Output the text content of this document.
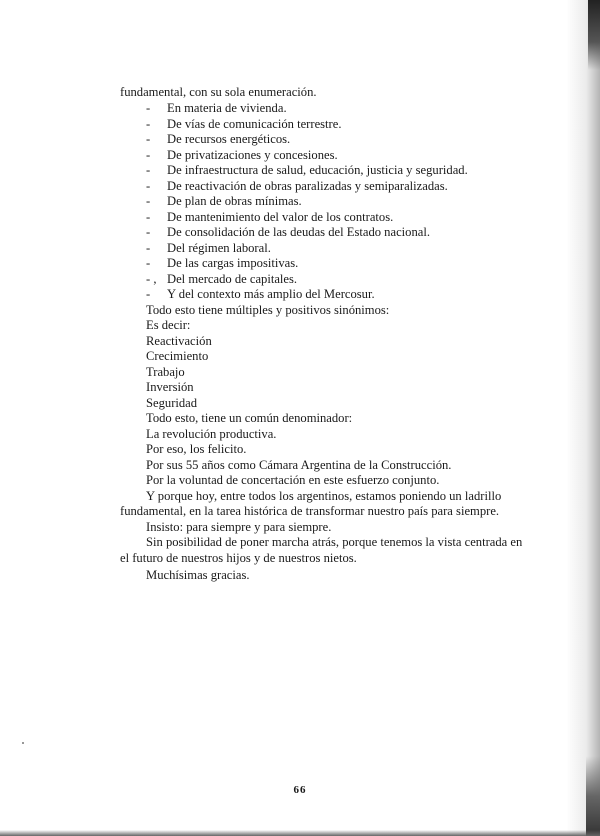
fundamental, con su sola enumeración.
-	En materia de vivienda.
-	De vías de comunicación terrestre.
-	De recursos energéticos.
-	De privatizaciones y concesiones.
-	De infraestructura de salud, educación, justicia y seguridad.
-	De reactivación de obras paralizadas y semiparalizadas.
-	De plan de obras mínimas.
-	De mantenimiento del valor de los contratos.
-	De consolidación de las deudas del Estado nacional.
-	Del régimen laboral.
-	De las cargas impositivas.
- , Del mercado de capitales.
-	Y del contexto más amplio del Mercosur.
Todo esto tiene múltiples y positivos sinónimos:
Es decir:
Reactivación
Crecimiento
Trabajo
Inversión
Seguridad
Todo esto, tiene un común denominador:
La revolución productiva.
Por eso, los felicito.
Por sus 55 años como Cámara Argentina de la Construcción.
Por la voluntad de concertación en este esfuerzo conjunto.
Y porque hoy, entre todos los argentinos, estamos poniendo un ladrillo
fundamental, en la tarea histórica de transformar nuestro país para siempre.
Insisto: para siempre y para siempre.
Sin posibilidad de poner marcha atrás, porque tenemos la vista centrada en
el futuro de nuestros hijos y de nuestros nietos.
Muchísimas gracias.
66
